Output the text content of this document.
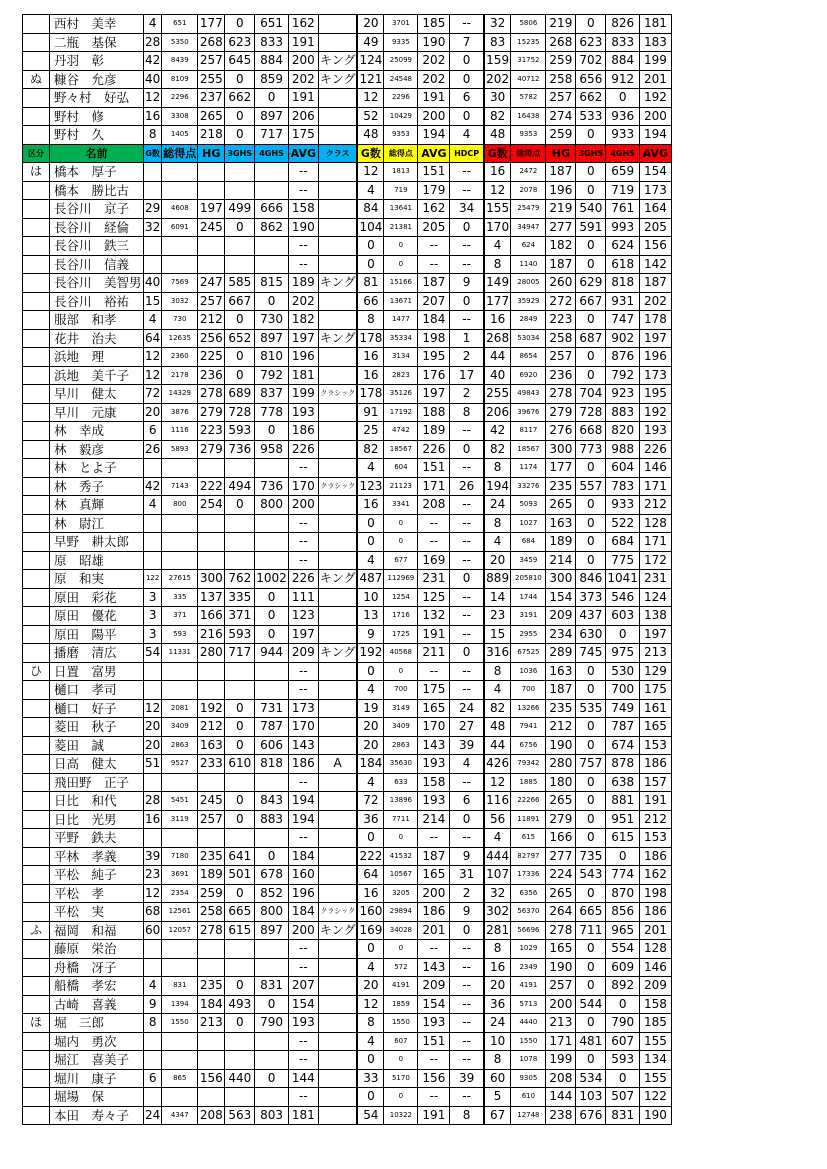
	西村　美幸	4	651	177	0	651	162		20	3701	185	--	32	5806	219	0	826	181
	二瓶　基保	28	5350	268	623	833	191		49	9335	190	7	83	15235	268	623	833	183
	丹羽　彰	42	8439	257	645	884	200	キング	124	25099	202	0	159	31752	259	702	884	199
ぬ	糠谷　允彦	40	8109	255	0	859	202	キング	121	24548	202	0	202	40712	258	656	912	201
	野々村　好弘	12	2296	237	662	0	191		12	2296	191	6	30	5782	257	662	0	192
	野村　修	16	3308	265	0	897	206		52	10429	200	0	82	16438	274	533	936	200
	野村　久	8	1405	218	0	717	175		48	9353	194	4	48	9353	259	0	933	194
区分	名前	G数	総得点	HG	3GHS	4GHS	AVG	クラス	G数	総得点	AVG	HDCP	G数	総得点	HG	3GHS	4GHS	AVG
は	橋本　厚子						--		12	1813	151	--	16	2472	187	0	659	154
	橋本　勝比古						--		4	719	179	--	12	2078	196	0	719	173
	長谷川　京子	29	4608	197	499	666	158		84	13641	162	34	155	25479	219	540	761	164
	長谷川　経倫	32	6091	245	0	862	190		104	21381	205	0	170	34947	277	591	993	205
	長谷川　鉄三						--		0	0	--	--	4	624	182	0	624	156
	長谷川　信義						--		0	0	--	--	8	1140	187	0	618	142
	長谷川　美智男	40	7569	247	585	815	189	キング	81	15166	187	9	149	28005	260	629	818	187
	長谷川　裕祐	15	3032	257	667	0	202		66	13671	207	0	177	35929	272	667	931	202
	服部　和孝	4	730	212	0	730	182		8	1477	184	--	16	2849	223	0	747	178
	花井　治夫	64	12635	256	652	897	197	キング	178	35334	198	1	268	53034	258	687	902	197
	浜地　理	12	2360	225	0	810	196		16	3134	195	2	44	8654	257	0	876	196
	浜地　美千子	12	2178	236	0	792	181		16	2823	176	17	40	6920	236	0	792	173
	早川　健太	72	14329	278	689	837	199	クラシック	178	35126	197	2	255	49843	278	704	923	195
	早川　元康	20	3876	279	728	778	193		91	17192	188	8	206	39676	279	728	883	192
	林　幸成	6	1116	223	593	0	186		25	4742	189	--	42	8117	276	668	820	193
	林　毅彦	26	5893	279	736	958	226		82	18567	226	0	82	18567	300	773	988	226
	林　とよ子						--		4	604	151	--	8	1174	177	0	604	146
	林　秀子	42	7143	222	494	736	170	クラシック	123	21123	171	26	194	33276	235	557	783	171
	林　真輝	4	800	254	0	800	200		16	3341	208	--	24	5093	265	0	933	212
	林　尉江						--		0	0	--	--	8	1027	163	0	522	128
	早野　耕太郎						--		0	0	--	--	4	684	189	0	684	171
	原　昭雄						--		4	677	169	--	20	3459	214	0	775	172
	原　和実	122	27615	300	762	1002	226	キング	487	112969	231	0	889	205810	300	846	1041	231
	原田　彩花	3	335	137	335	0	111		10	1254	125	--	14	1744	154	373	546	124
	原田　優花	3	371	166	371	0	123		13	1716	132	--	23	3191	209	437	603	138
	原田　陽平	3	593	216	593	0	197		9	1725	191	--	15	2955	234	630	0	197
	播磨　清広	54	11331	280	717	944	209	キング	192	40568	211	0	316	67525	289	745	975	213
ひ	日置　富男						--		0	0	--	--	8	1036	163	0	530	129
	樋口　孝司						--		4	700	175	--	4	700	187	0	700	175
	樋口　好子	12	2081	192	0	731	173		19	3149	165	24	82	13266	235	535	749	161
	菱田　秋子	20	3409	212	0	787	170		20	3409	170	27	48	7941	212	0	787	165
	菱田　誠	20	2863	163	0	606	143		20	2863	143	39	44	6756	190	0	674	153
	日高　健太	51	9527	233	610	818	186	A	184	35630	193	4	426	79342	280	757	878	186
	飛田野　正子						--		4	633	158	--	12	1885	180	0	638	157
	日比　和代	28	5451	245	0	843	194		72	13896	193	6	116	22266	265	0	881	191
	日比　光男	16	3119	257	0	883	194		36	7711	214	0	56	11891	279	0	951	212
	平野　鉄夫						--		0	0	--	--	4	615	166	0	615	153
	平林　孝義	39	7180	235	641	0	184		222	41532	187	9	444	82797	277	735	0	186
	平松　純子	23	3691	189	501	678	160		64	10567	165	31	107	17336	224	543	774	162
	平松　孝	12	2354	259	0	852	196		16	3205	200	2	32	6356	265	0	870	198
	平松　実	68	12561	258	665	800	184	クラシック	160	29894	186	9	302	56370	264	665	856	186
ふ	福岡　和福	60	12057	278	615	897	200	キング	169	34028	201	0	281	56696	278	711	965	201
	藤原　栄治						--		0	0	--	--	8	1029	165	0	554	128
	舟橋　冴子						--		4	572	143	--	16	2349	190	0	609	146
	船橋　孝宏	4	831	235	0	831	207		20	4191	209	--	20	4191	257	0	892	209
	古崎　喜義	9	1394	184	493	0	154		12	1859	154	--	36	5713	200	544	0	158
ほ	堀　三郎	8	1550	213	0	790	193		8	1550	193	--	24	4440	213	0	790	185
	堀内　勇次						--		4	607	151	--	10	1550	171	481	607	155
	堀江　喜美子						--		0	0	--	--	8	1078	199	0	593	134
	堀川　康子	6	865	156	440	0	144		33	5170	156	39	60	9305	208	534	0	155
	堀場　保						--		0	0	--	--	5	610	144	103	507	122
	本田　寿々子	24	4347	208	563	803	181		54	10322	191	8	67	12748	238	676	831	190
